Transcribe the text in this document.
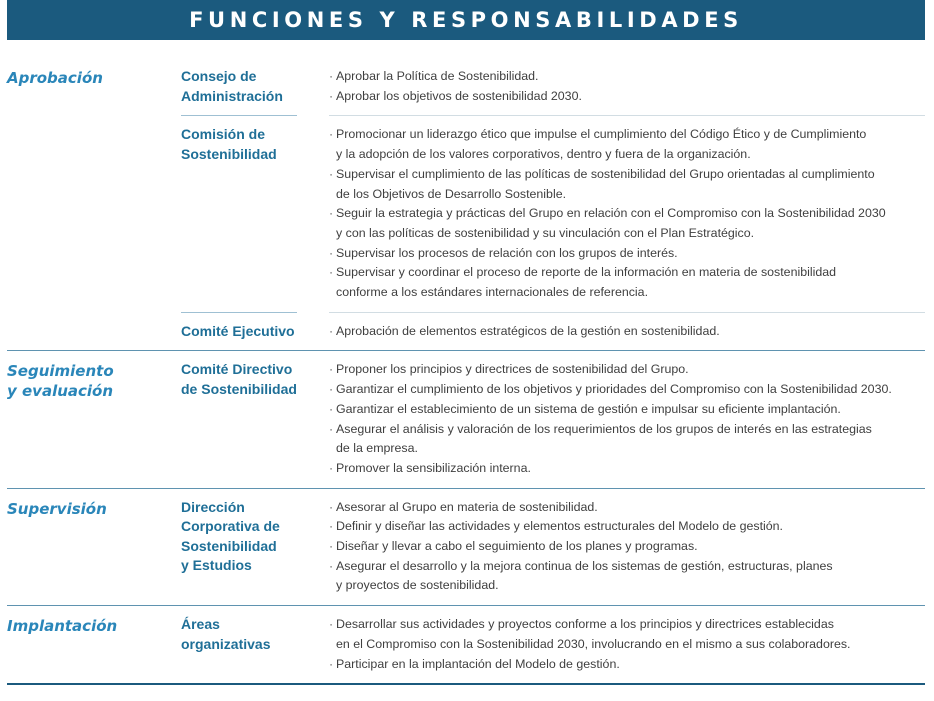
FUNCIONES Y RESPONSABILIDADES
Aprobación	Consejo de
Administración
· Aprobar la Política de Sostenibilidad.
· Aprobar los objetivos de sostenibilidad 2030.
Comisión de
Sostenibilidad
· Promocionar un liderazgo ético que impulse el cumplimiento del Código Ético y de Cumplimiento
y la adopción de los valores corporativos, dentro y fuera de la organización.
· Supervisar el cumplimiento de las políticas de sostenibilidad del Grupo orientadas al cumplimiento
de los Objetivos de Desarrollo Sostenible.
· Seguir la estrategia y prácticas del Grupo en relación con el Compromiso con la Sostenibilidad 2030
y con las políticas de sostenibilidad y su vinculación con el Plan Estratégico.
· Supervisar los procesos de relación con los grupos de interés.
· Supervisar y coordinar el proceso de reporte de la información en materia de sostenibilidad
conforme a los estándares internacionales de referencia.
Comité Ejecutivo
·	Aprobación de elementos estratégicos de la gestión en sostenibilidad.
Seguimiento
y evaluación
Comité Directivo
de Sostenibilidad
· Proponer los principios y directrices de sostenibilidad del Grupo.
· Garantizar el cumplimiento de los objetivos y prioridades del Compromiso con la Sostenibilidad 2030.
· Garantizar el establecimiento de un sistema de gestión e impulsar su eficiente implantación.
· Asegurar el análisis y valoración de los requerimientos de los grupos de interés en las estrategias
de la empresa.
· Promover la sensibilización interna.
Supervisión	Dirección
Corporativa de
Sostenibilidad
y Estudios
· Asesorar al Grupo en materia de sostenibilidad.
· Definir y diseñar las actividades y elementos estructurales del Modelo de gestión.
· Diseñar y llevar a cabo el seguimiento de los planes y programas.
· Asegurar el desarrollo y la mejora continua de los sistemas de gestión, estructuras, planes
y proyectos de sostenibilidad.
Implantación	Áreas
organizativas
· Desarrollar sus actividades y proyectos conforme a los principios y directrices establecidas
en el Compromiso con la Sostenibilidad 2030, involucrando en el mismo a sus colaboradores.
· Participar en la implantación del Modelo de gestión.
